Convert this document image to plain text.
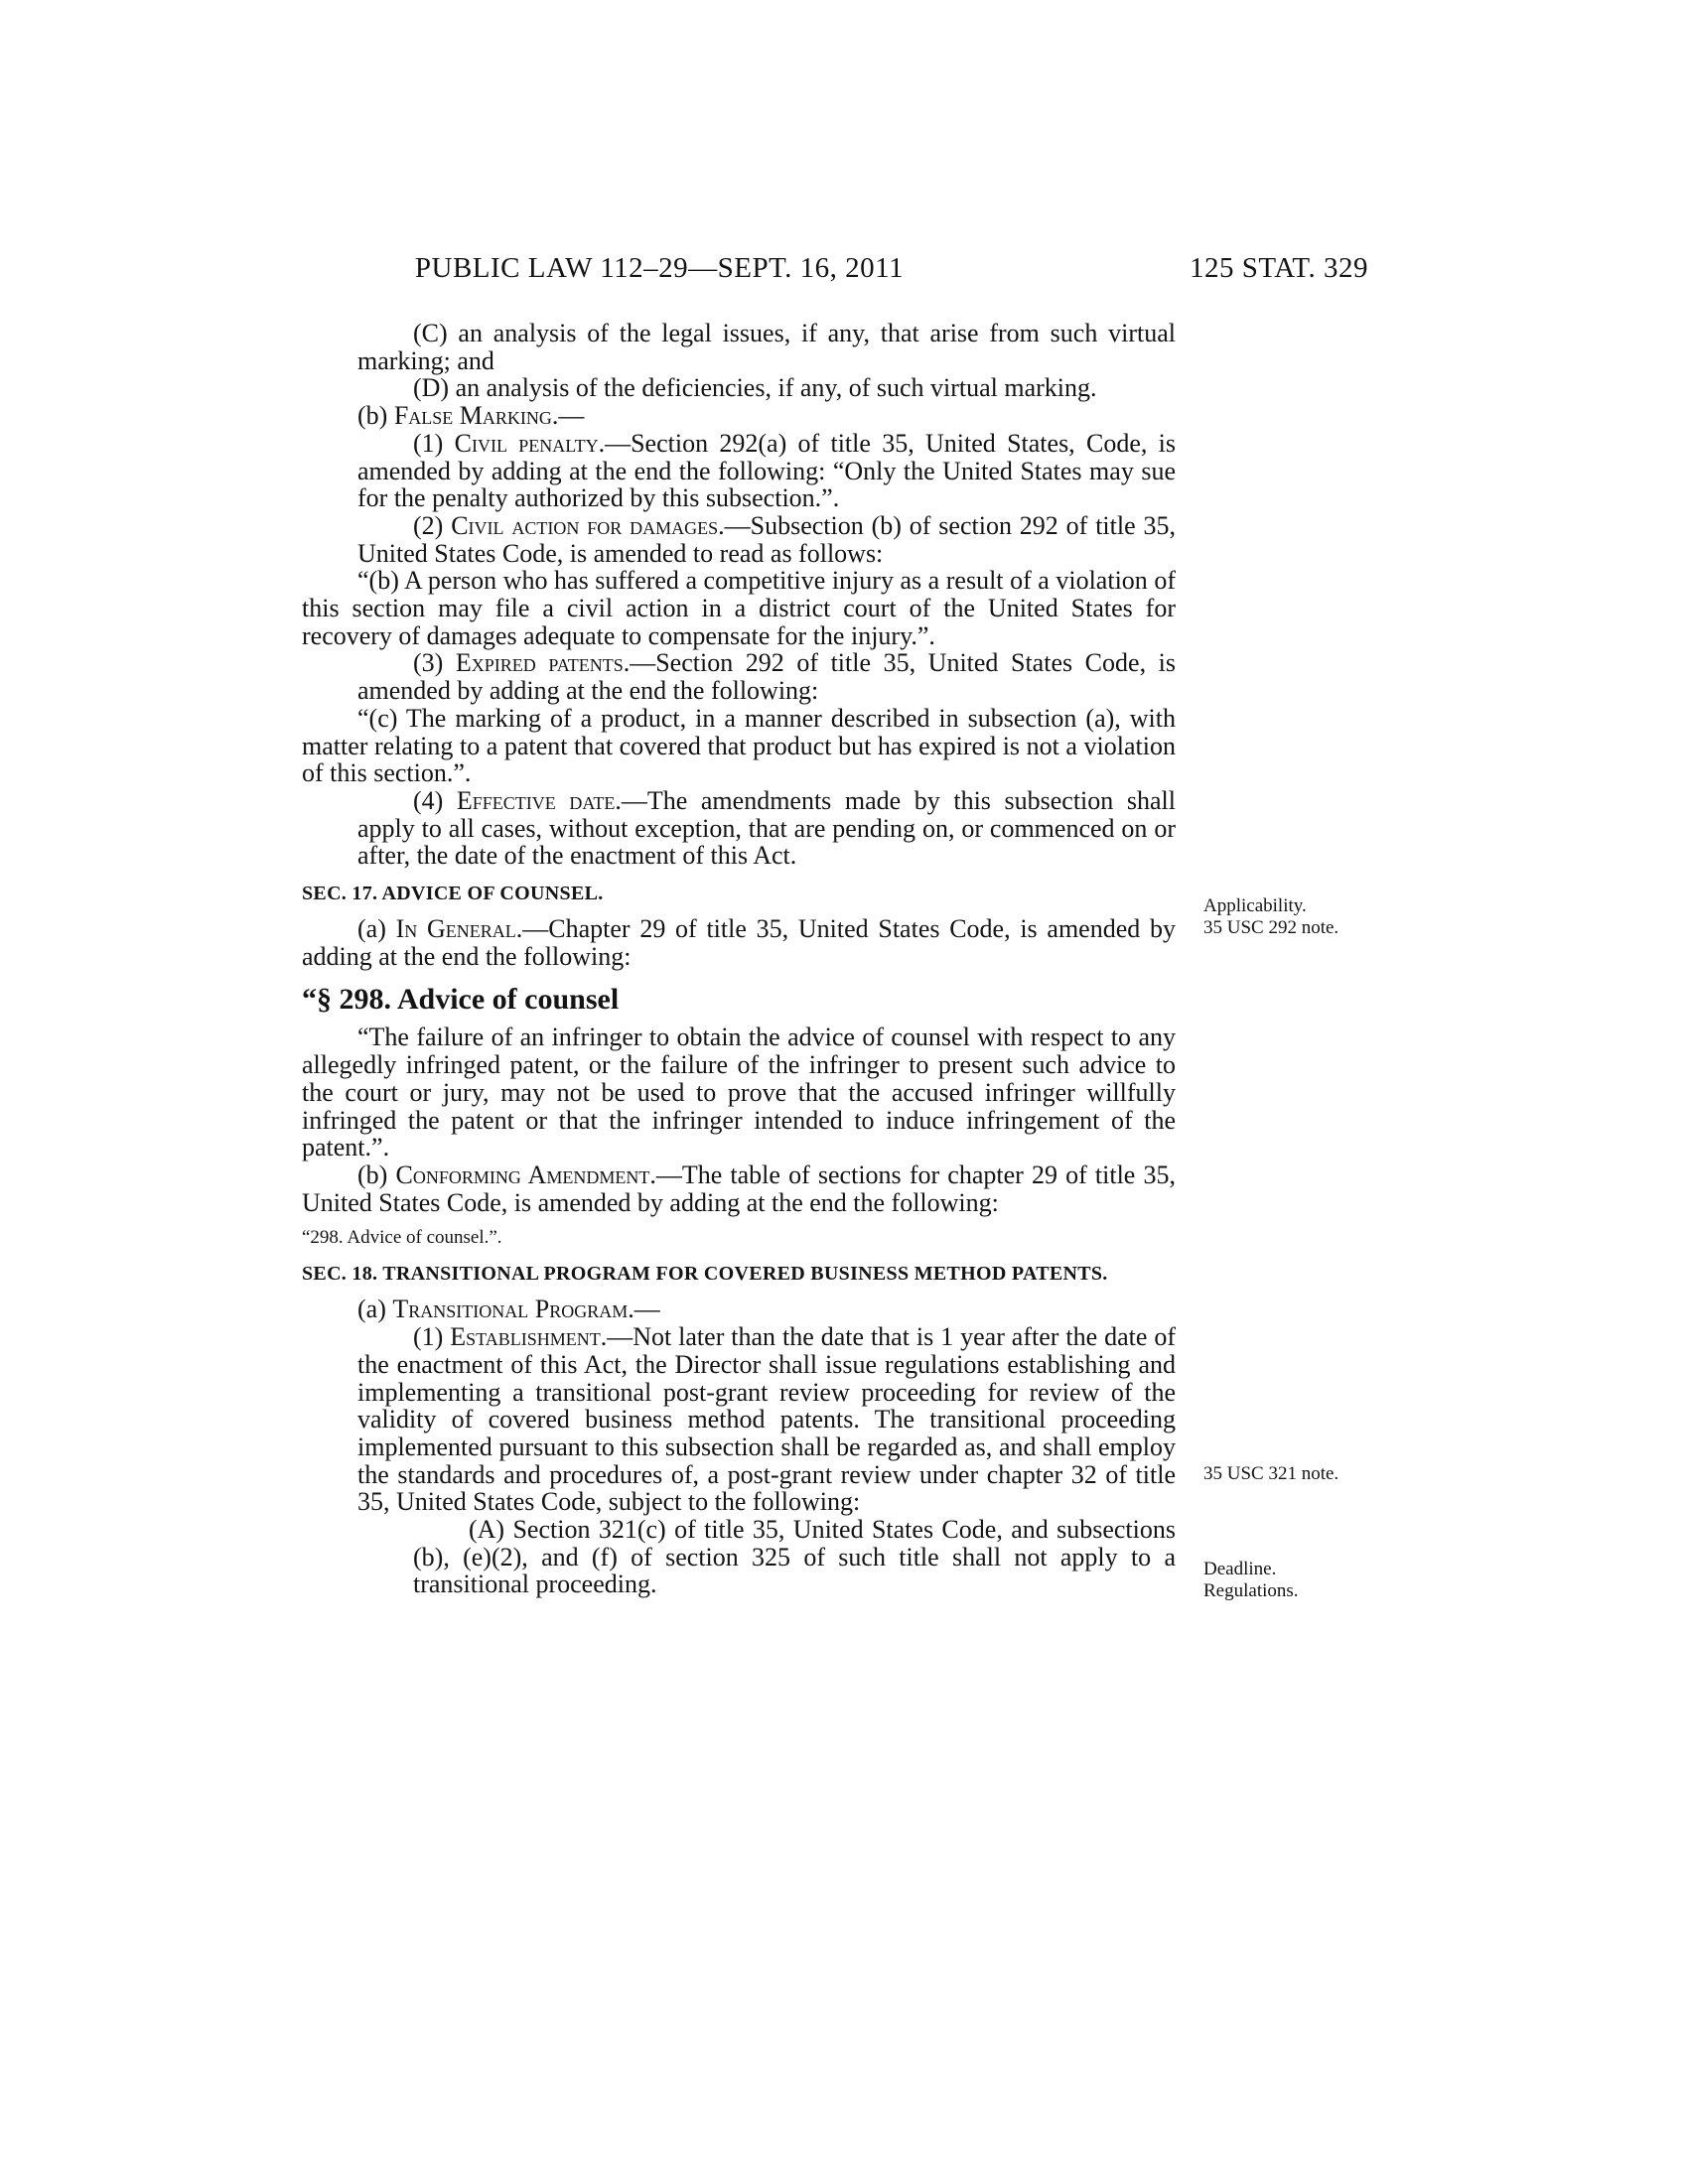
PUBLIC LAW 112–29—SEPT. 16, 2011	125 STAT. 329

(C) an analysis of the legal issues, if any, that arise from such virtual marking; and

(D) an analysis of the deficiencies, if any, of such virtual marking.

(b) False Marking.—

(1) Civil penalty.—Section 292(a) of title 35, United States, Code, is amended by adding at the end the following: “Only the United States may sue for the penalty authorized by this subsection.”.

(2) Civil action for damages.—Subsection (b) of section 292 of title 35, United States Code, is amended to read as follows:

“(b) A person who has suffered a competitive injury as a result of a violation of this section may file a civil action in a district court of the United States for recovery of damages adequate to compensate for the injury.”.

(3) Expired patents.—Section 292 of title 35, United States Code, is amended by adding at the end the following:

“(c) The marking of a product, in a manner described in subsection (a), with matter relating to a patent that covered that product but has expired is not a violation of this section.”.

(4) Effective date.—The amendments made by this subsection shall apply to all cases, without exception, that are pending on, or commenced on or after, the date of the enactment of this Act.

SEC. 17. ADVICE OF COUNSEL.

(a) In General.—Chapter 29 of title 35, United States Code, is amended by adding at the end the following:

“§ 298. Advice of counsel

“The failure of an infringer to obtain the advice of counsel with respect to any allegedly infringed patent, or the failure of the infringer to present such advice to the court or jury, may not be used to prove that the accused infringer willfully infringed the patent or that the infringer intended to induce infringement of the patent.”.

(b) Conforming Amendment.—The table of sections for chapter 29 of title 35, United States Code, is amended by adding at the end the following:

“298. Advice of counsel.”.

SEC. 18. TRANSITIONAL PROGRAM FOR COVERED BUSINESS METHOD PATENTS.

(a) Transitional Program.—

(1) Establishment.—Not later than the date that is 1 year after the date of the enactment of this Act, the Director shall issue regulations establishing and implementing a transitional post-grant review proceeding for review of the validity of covered business method patents. The transitional proceeding implemented pursuant to this subsection shall be regarded as, and shall employ the standards and procedures of, a post-grant review under chapter 32 of title 35, United States Code, subject to the following:

(A) Section 321(c) of title 35, United States Code, and subsections (b), (e)(2), and (f) of section 325 of such title shall not apply to a transitional proceeding.

Applicability.
35 USC 292 note.
35 USC 321 note.
Deadline.
Regulations.
